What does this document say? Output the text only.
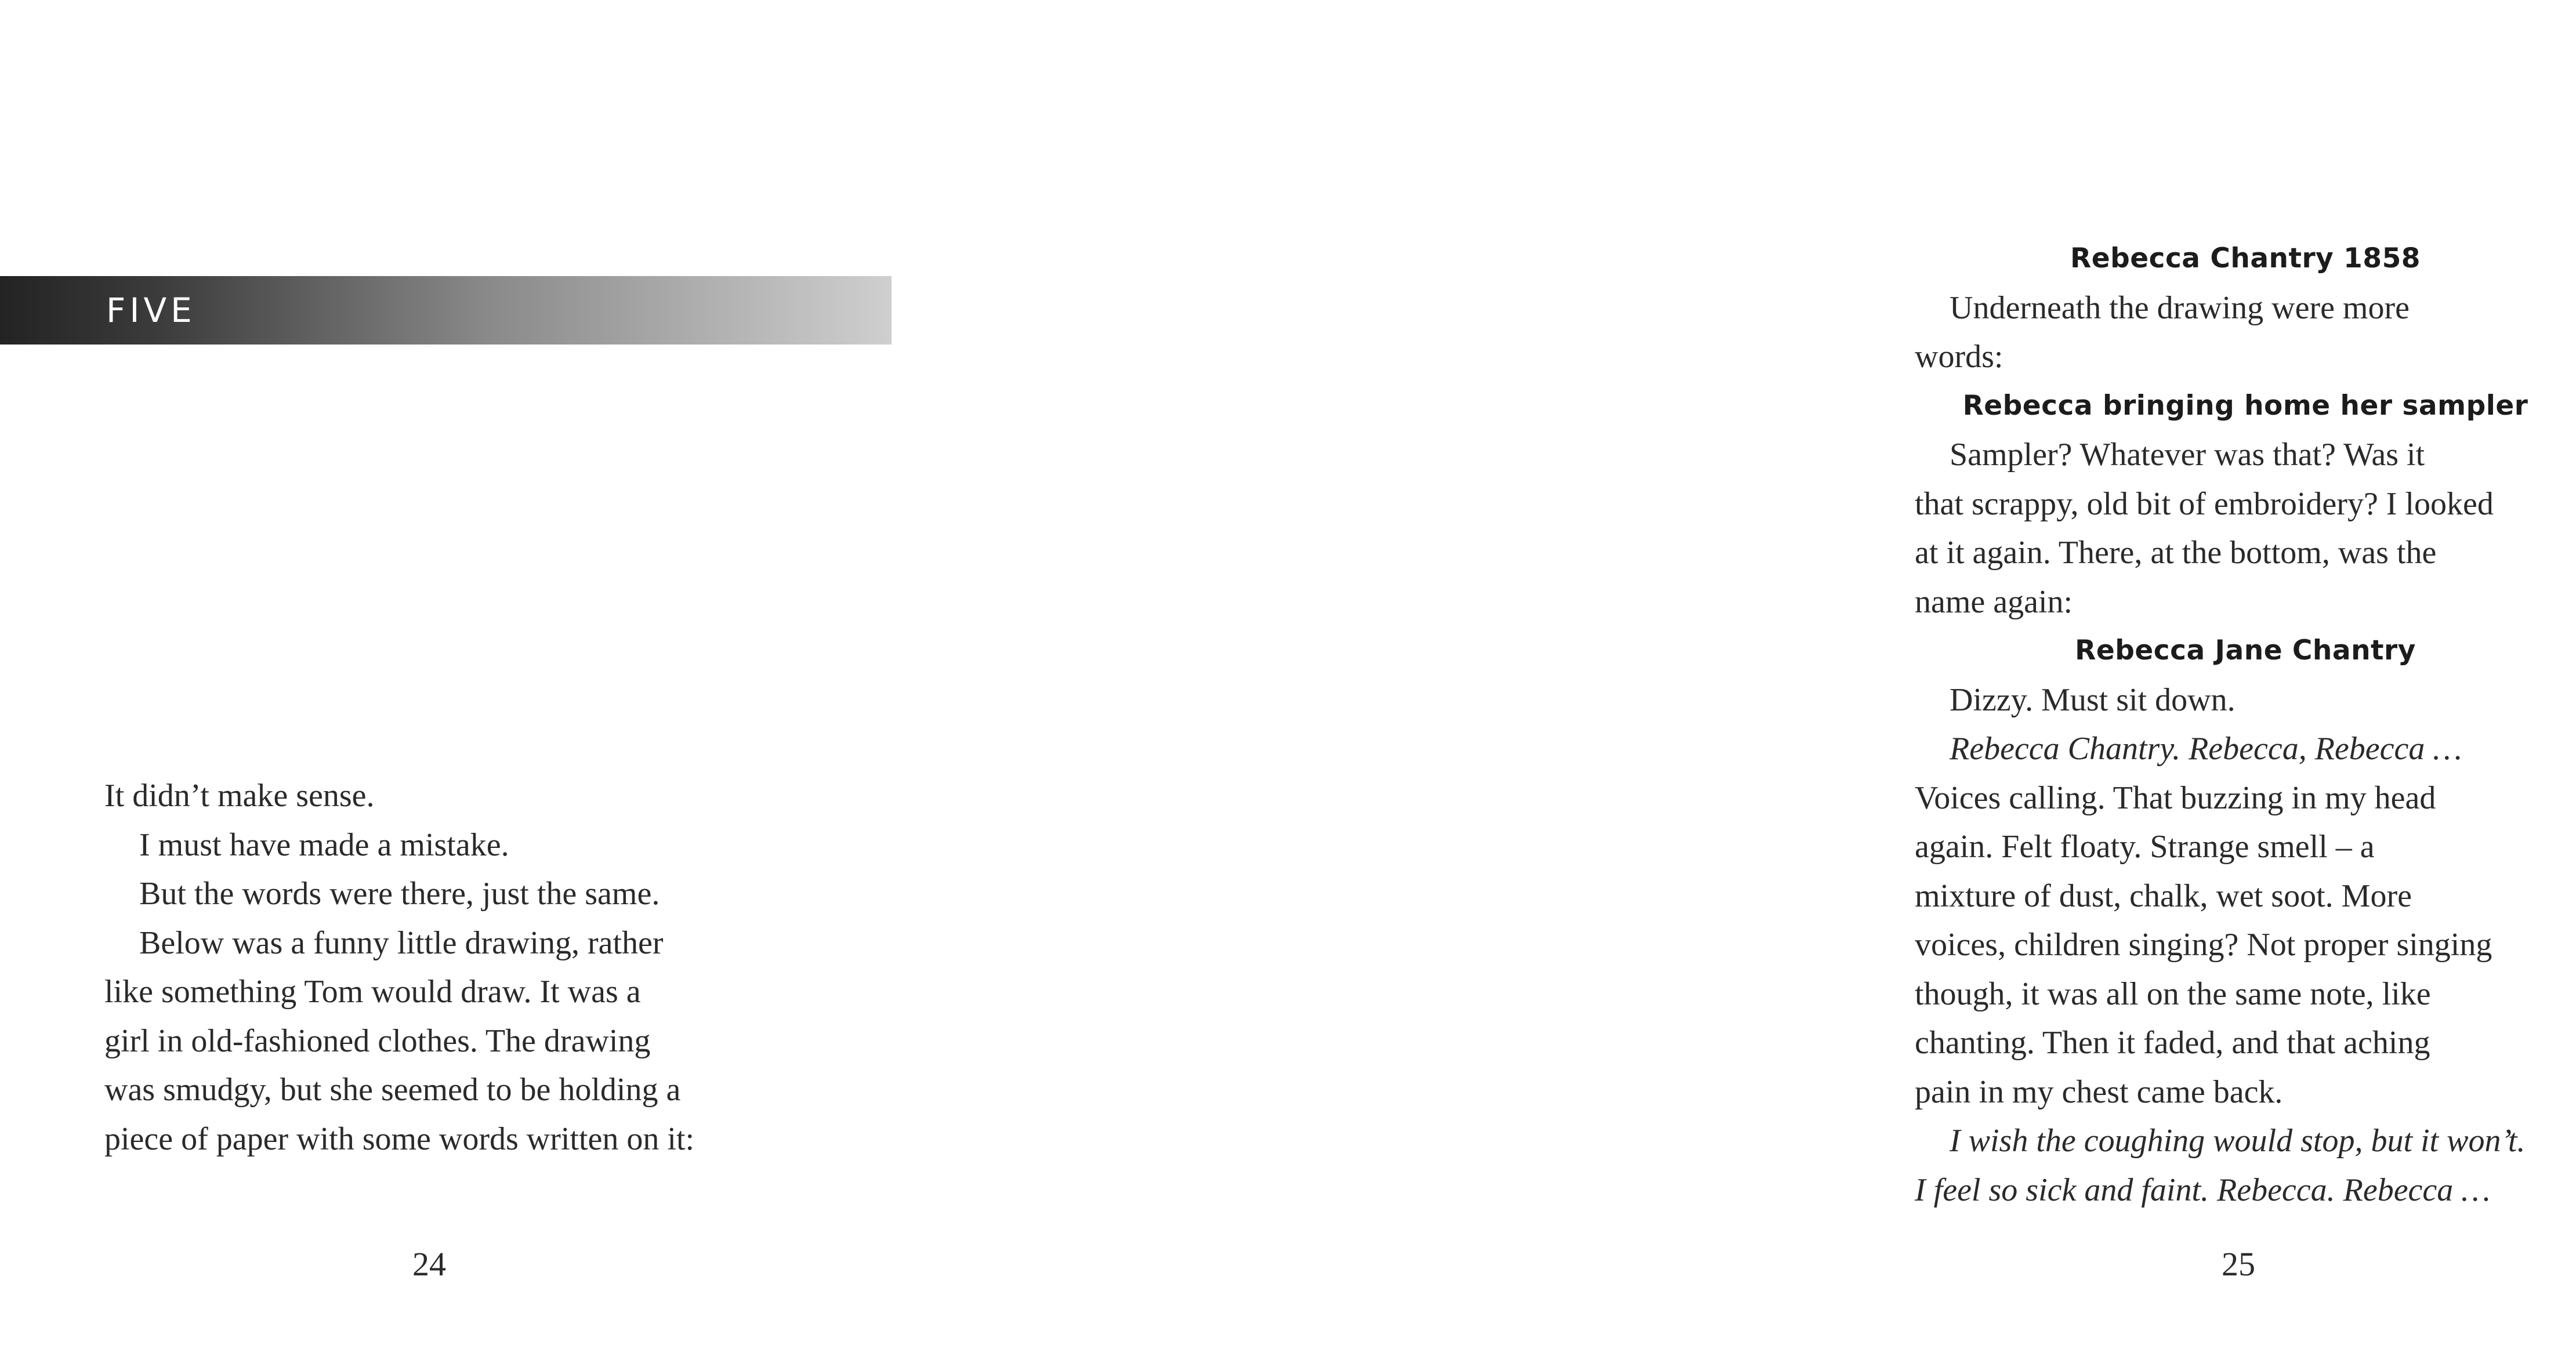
FIVE

It didn’t make sense.

I must have made a mistake.

But the words were there, just the same.

Below was a funny little drawing, rather

like something Tom would draw. It was a

girl in old-fashioned clothes. The drawing

was smudgy, but she seemed to be holding a

piece of paper with some words written on it:

24

Rebecca Chantry 1858

Underneath the drawing were more

words:

Rebecca bringing home her sampler

Sampler? Whatever was that? Was it

that scrappy, old bit of embroidery? I looked

at it again. There, at the bottom, was the

name again:

Rebecca Jane Chantry

Dizzy. Must sit down.

Rebecca Chantry. Rebecca, Rebecca …

Voices calling. That buzzing in my head

again. Felt floaty. Strange smell – a

mixture of dust, chalk, wet soot. More

voices, children singing? Not proper singing

though, it was all on the same note, like

chanting. Then it faded, and that aching

pain in my chest came back.

I wish the coughing would stop, but it won’t.

I feel so sick and faint. Rebecca. Rebecca …

25
